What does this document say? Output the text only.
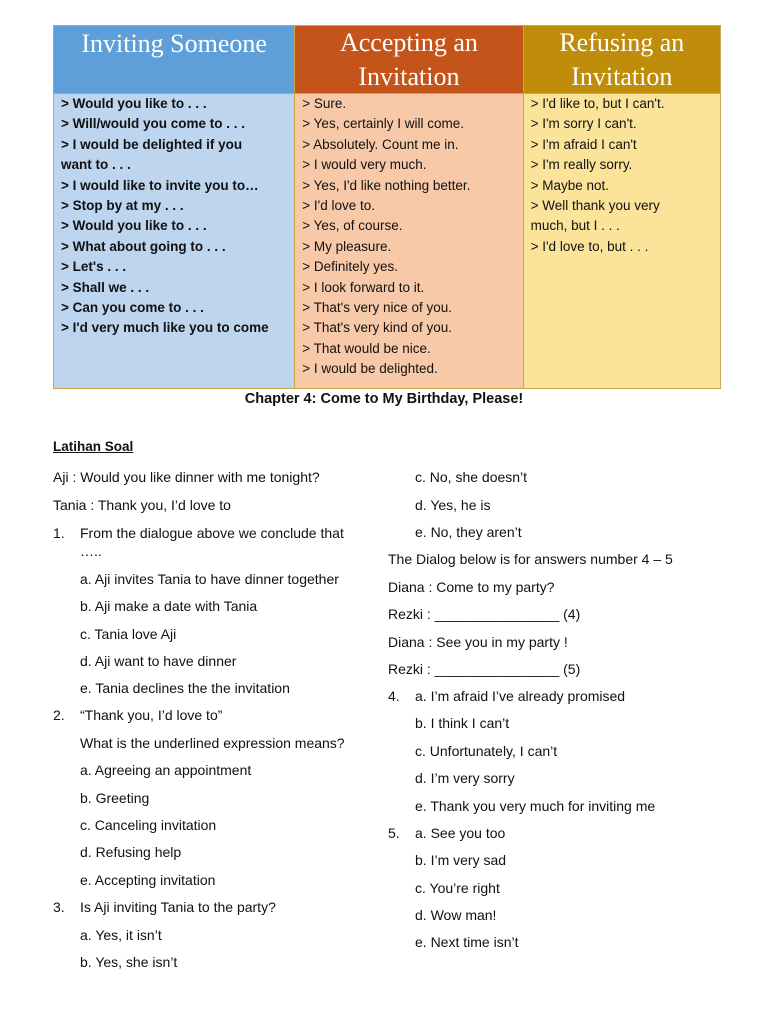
Inviting Someone
> Would you like to . . .
> Will/would you come to . . .
> I would be delighted if you
want to . . .
> I would like to invite you to…
> Stop by at my . . .
> Would you like to . . .
> What about going to . . .
> Let's . . .
> Shall we . . .
> Can you come to . . .
> I'd very much like you to come
Accepting an Invitation
> Sure.
> Yes, certainly I will come.
> Absolutely. Count me in.
> I would very much.
> Yes, I'd like nothing better.
> I'd love to.
> Yes, of course.
> My pleasure.
> Definitely yes.
> I look forward to it.
> That's very nice of you.
> That's very kind of you.
> That would be nice.
> I would be delighted.
Refusing an Invitation
> I'd like to, but I can't.
> I'm sorry I can't.
> I'm afraid I can't
> I'm really sorry.
> Maybe not.
> Well thank you very
much, but I . . .
> I'd love to, but . . .
Chapter 4: Come to My Birthday, Please!
Latihan Soal
Aji : Would you like dinner with me tonight?
Tania : Thank you, I’d love to
1. From the dialogue above we conclude that
…..
a. Aji invites Tania to have dinner together
b. Aji make a date with Tania
c. Tania love Aji
d. Aji want to have dinner
e. Tania declines the the invitation
2. “Thank you, I’d love to”
What is the underlined expression means?
a. Agreeing an appointment
b. Greeting
c. Canceling invitation
d. Refusing help
e. Accepting invitation
3. Is Aji inviting Tania to the party?
a. Yes, it isn’t
b. Yes, she isn’t
c. No, she doesn’t
d. Yes, he is
e. No, they aren’t
The Dialog below is for answers number 4 – 5
Diana : Come to my party?
Rezki : ________________ (4)
Diana : See you in my party !
Rezki : ________________ (5)
4. a. I’m afraid I’ve already promised
b. I think I can’t
c. Unfortunately, I can’t
d. I’m very sorry
e. Thank you very much for inviting me
5. a. See you too
b. I’m very sad
c. You’re right
d. Wow man!
e. Next time isn’t
